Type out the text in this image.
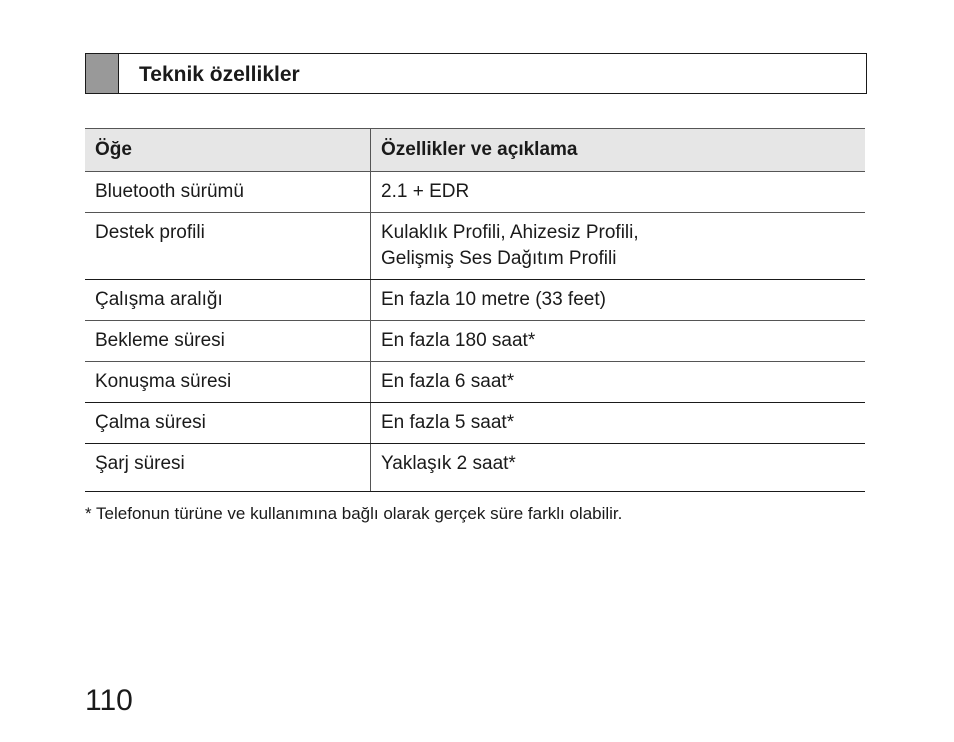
Teknik özellikler
Öğe	Özellikler ve açıklama
Bluetooth sürümü	2.1 + EDR
Destek profili	Kulaklık Profili, Ahizesiz Profili,
Gelişmiş Ses Dağıtım Profili
Çalışma aralığı	En fazla 10 metre (33 feet)
Bekleme süresi	En fazla 180 saat*
Konuşma süresi	En fazla 6 saat*
Çalma süresi	En fazla 5 saat*
Şarj süresi	Yaklaşık 2 saat*
* Telefonun türüne ve kullanımına bağlı olarak gerçek süre farklı olabilir.
110
